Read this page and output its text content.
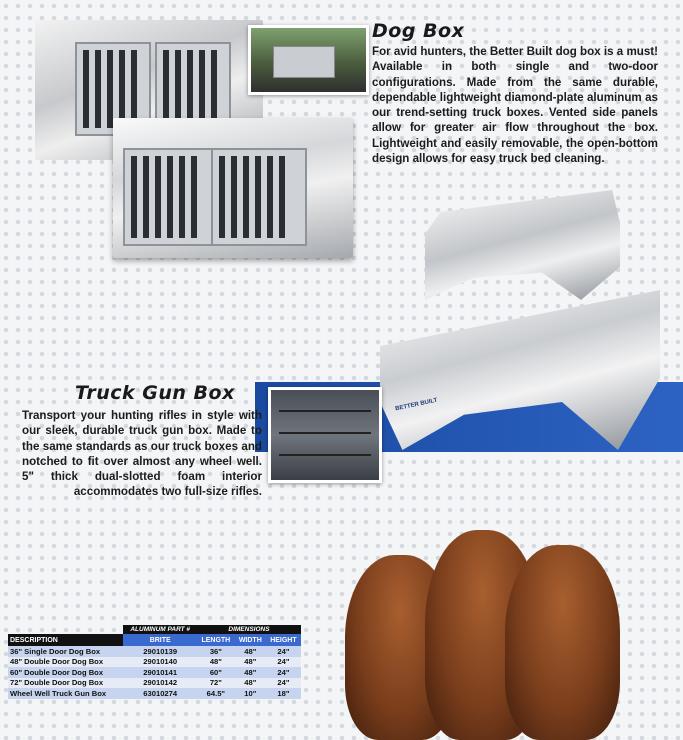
Dog Box
For avid hunters, the Better Built dog box is a must! Available in both single and two-door configurations. Made from the same durable, dependable lightweight diamond-plate aluminum as our trend-setting truck boxes. Vented side panels allow for greater air flow throughout the box. Lightweight and easily removable, the open-bottom design allows for easy truck bed cleaning.
BETTER BUILT
Truck Gun Box
Transport your hunting rifles in style with our sleek, durable truck gun box. Made to the same standards as our truck boxes and notched to fit over almost any wheel well. 5" thick dual-slotted foam interior accommodates two full-size rifles.
	ALUMINUM PART #	DIMENSIONS		
DESCRIPTION	BRITE	LENGTH	WIDTH	HEIGHT
36" Single Door Dog Box	29010139	36"	48"	24"
48" Double Door Dog Box	29010140	48"	48"	24"
60" Double Door Dog Box	29010141	60"	48"	24"
72" Double Door Dog Box	29010142	72"	48"	24"
Wheel Well Truck Gun Box	63010274	64.5"	10"	18"
